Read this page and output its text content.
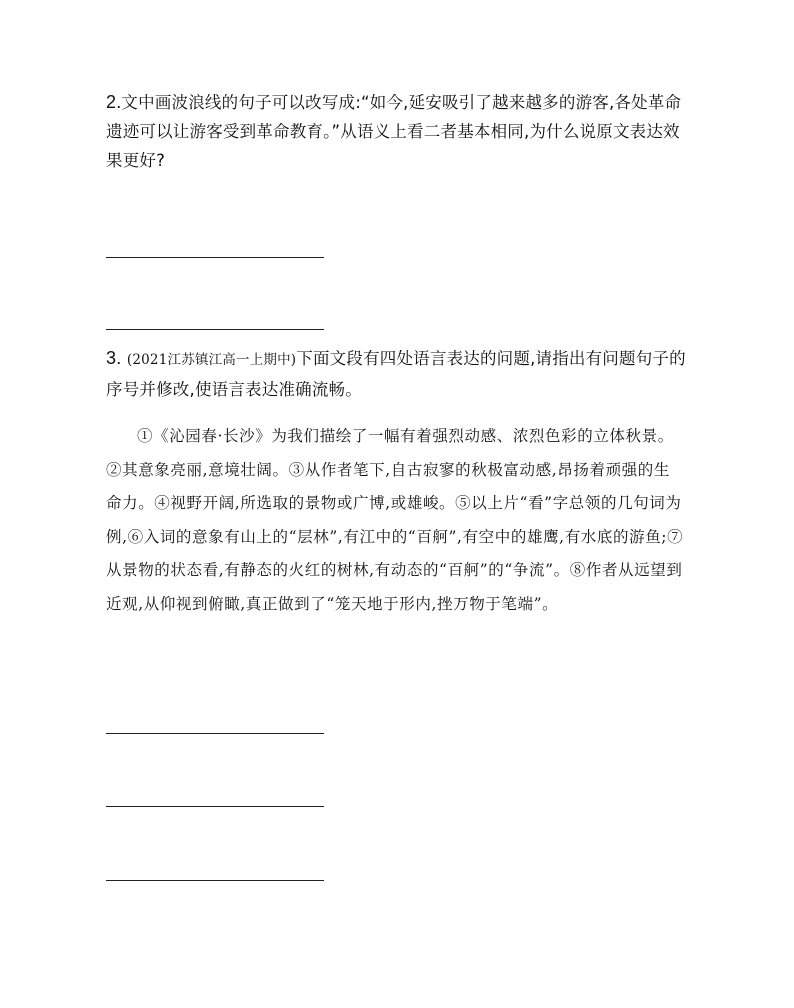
2.文中画波浪线的句子可以改写成:“如今,延安吸引了越来越多的游客,各处革命遗迹可以让游客受到革命教育。”从语义上看二者基本相同,为什么说原文表达效果更好?
3. (2021江苏镇江高一上期中)下面文段有四处语言表达的问题,请指出有问题句子的序号并修改,使语言表达准确流畅。
①《沁园春·长沙》为我们描绘了一幅有着强烈动感、浓烈色彩的立体秋景。②其意象亮丽,意境壮阔。③从作者笔下,自古寂寥的秋极富动感,昂扬着顽强的生命力。④视野开阔,所选取的景物或广博,或雄峻。⑤以上片“看”字总领的几句词为例,⑥入词的意象有山上的“层林”,有江中的“百舸”,有空中的雄鹰,有水底的游鱼;⑦从景物的状态看,有静态的火红的树林,有动态的“百舸”的“争流”。⑧作者从远望到近观,从仰视到俯瞰,真正做到了“笼天地于形内,挫万物于笔端”。
